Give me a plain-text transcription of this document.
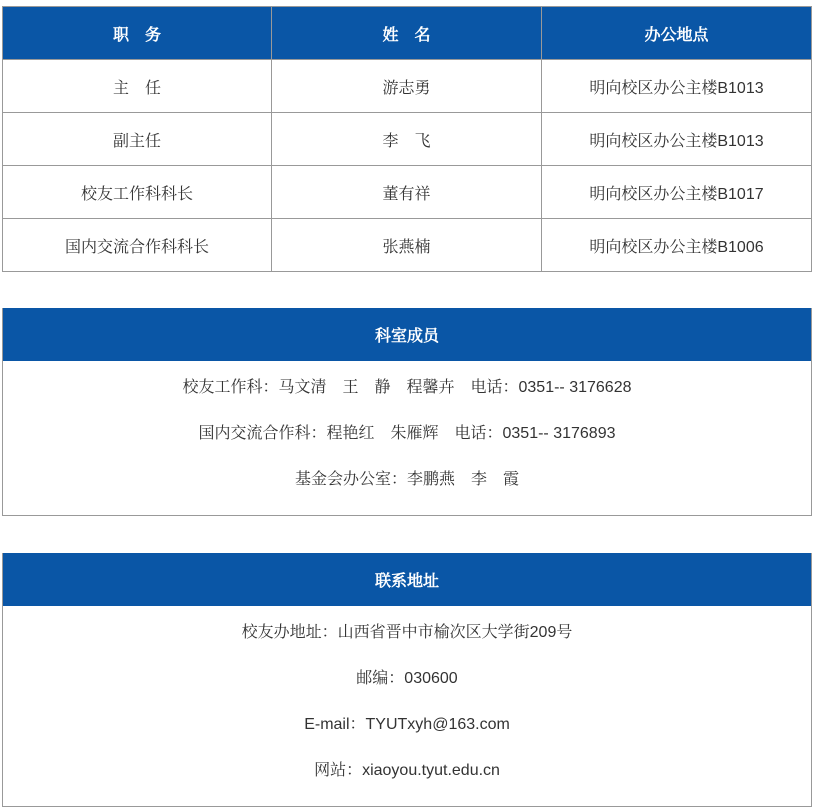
职　务	姓　名	办公地点
主　任	游志勇	明向校区办公主楼B1013
副主任	李　飞	明向校区办公主楼B1013
校友工作科科长	董有祥	明向校区办公主楼B1017
国内交流合作科科长	张燕楠	明向校区办公主楼B1006
科室成员
校友工作科：马文清　王　静　程馨卉　电话：0351-- 3176628
国内交流合作科：程艳红　朱雁辉　电话：0351-- 3176893
基金会办公室：李鹏燕　李　霞
联系地址
校友办地址：山西省晋中市榆次区大学街209号
邮编：030600
E-mail：TYUTxyh@163.com
网站：xiaoyou.tyut.edu.cn
